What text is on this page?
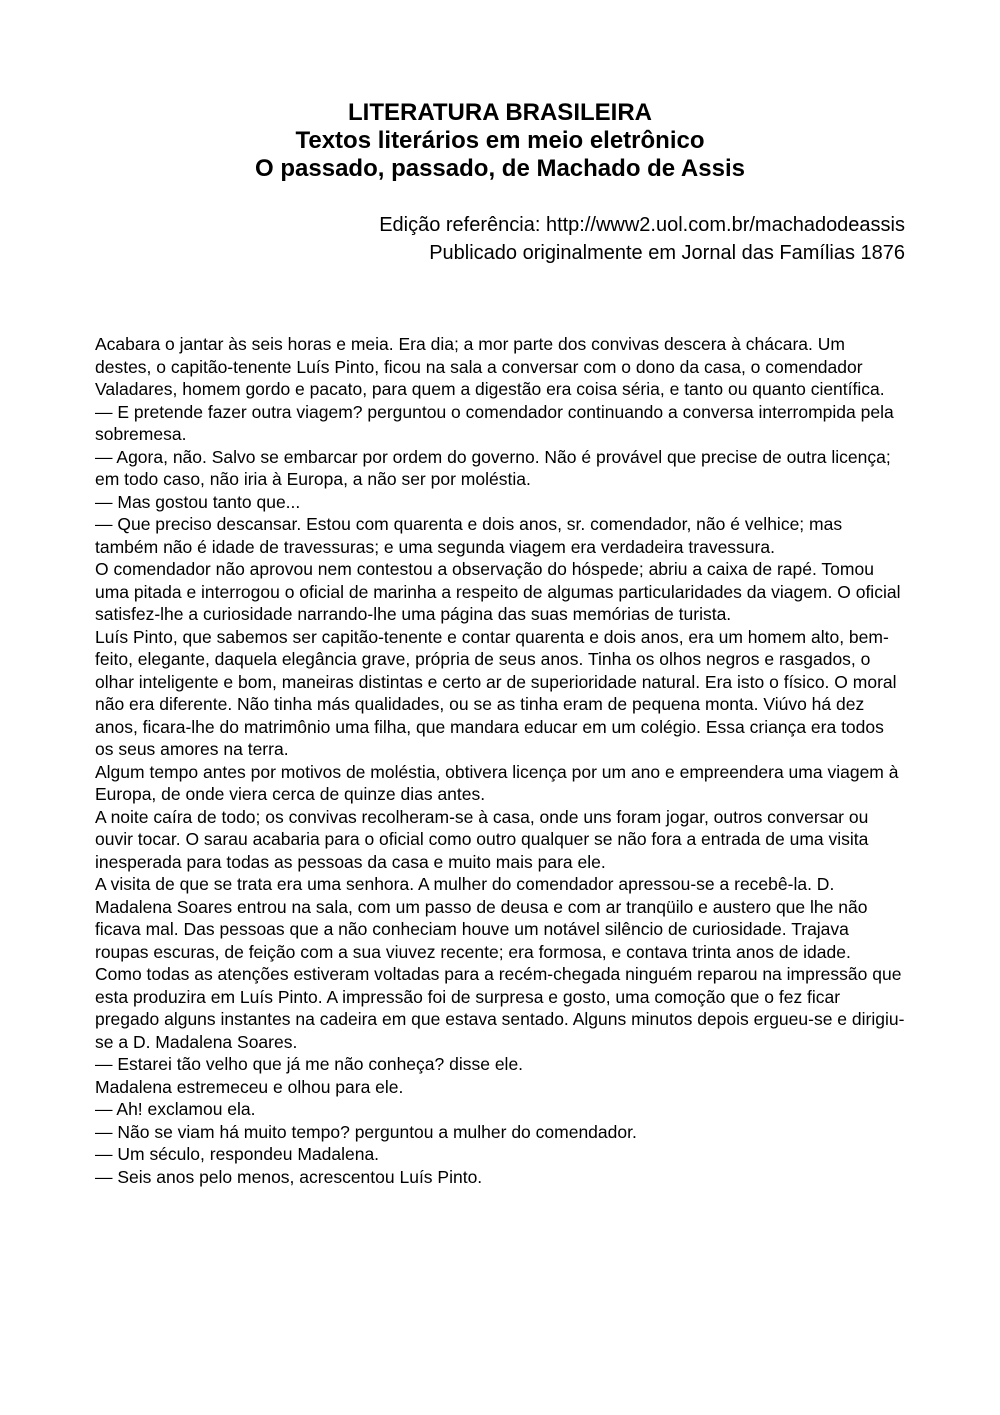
LITERATURA BRASILEIRA
Textos literários em meio eletrônico
O passado, passado, de Machado de Assis
Edição referência: http://www2.uol.com.br/machadodeassis
Publicado originalmente em Jornal das Famílias 1876

Acabara o jantar às seis horas e meia. Era dia; a mor parte dos convivas descera à chácara. Um destes, o capitão-tenente Luís Pinto, ficou na sala a conversar com o dono da casa, o comendador Valadares, homem gordo e pacato, para quem a digestão era coisa séria, e tanto ou quanto científica.

— E pretende fazer outra viagem? perguntou o comendador continuando a conversa interrompida pela sobremesa.

— Agora, não. Salvo se embarcar por ordem do governo. Não é provável que precise de outra licença; em todo caso, não iria à Europa, a não ser por moléstia.

— Mas gostou tanto que...

— Que preciso descansar. Estou com quarenta e dois anos, sr. comendador, não é velhice; mas também não é idade de travessuras; e uma segunda viagem era verdadeira travessura.

O comendador não aprovou nem contestou a observação do hóspede; abriu a caixa de rapé. Tomou uma pitada e interrogou o oficial de marinha a respeito de algumas particularidades da viagem. O oficial satisfez-lhe a curiosidade narrando-lhe uma página das suas memórias de turista.

Luís Pinto, que sabemos ser capitão-tenente e contar quarenta e dois anos, era um homem alto, bem-feito, elegante, daquela elegância grave, própria de seus anos. Tinha os olhos negros e rasgados, o olhar inteligente e bom, maneiras distintas e certo ar de superioridade natural. Era isto o físico. O moral não era diferente. Não tinha más qualidades, ou se as tinha eram de pequena monta. Viúvo há dez anos, ficara-lhe do matrimônio uma filha, que mandara educar em um colégio. Essa criança era todos os seus amores na terra.

Algum tempo antes por motivos de moléstia, obtivera licença por um ano e empreendera uma viagem à Europa, de onde viera cerca de quinze dias antes.

A noite caíra de todo; os convivas recolheram-se à casa, onde uns foram jogar, outros conversar ou ouvir tocar. O sarau acabaria para o oficial como outro qualquer se não fora a entrada de uma visita inesperada para todas as pessoas da casa e muito mais para ele.

A visita de que se trata era uma senhora. A mulher do comendador apressou-se a recebê-la. D. Madalena Soares entrou na sala, com um passo de deusa e com ar tranqüilo e austero que lhe não ficava mal. Das pessoas que a não conheciam houve um notável silêncio de curiosidade. Trajava roupas escuras, de feição com a sua viuvez recente; era formosa, e contava trinta anos de idade.

Como todas as atenções estiveram voltadas para a recém-chegada ninguém reparou na impressão que esta produzira em Luís Pinto. A impressão foi de surpresa e gosto, uma comoção que o fez ficar pregado alguns instantes na cadeira em que estava sentado. Alguns minutos depois ergueu-se e dirigiu-se a D. Madalena Soares.

— Estarei tão velho que já me não conheça? disse ele.

Madalena estremeceu e olhou para ele.

— Ah! exclamou ela.

— Não se viam há muito tempo? perguntou a mulher do comendador.

— Um século, respondeu Madalena.

— Seis anos pelo menos, acrescentou Luís Pinto.
